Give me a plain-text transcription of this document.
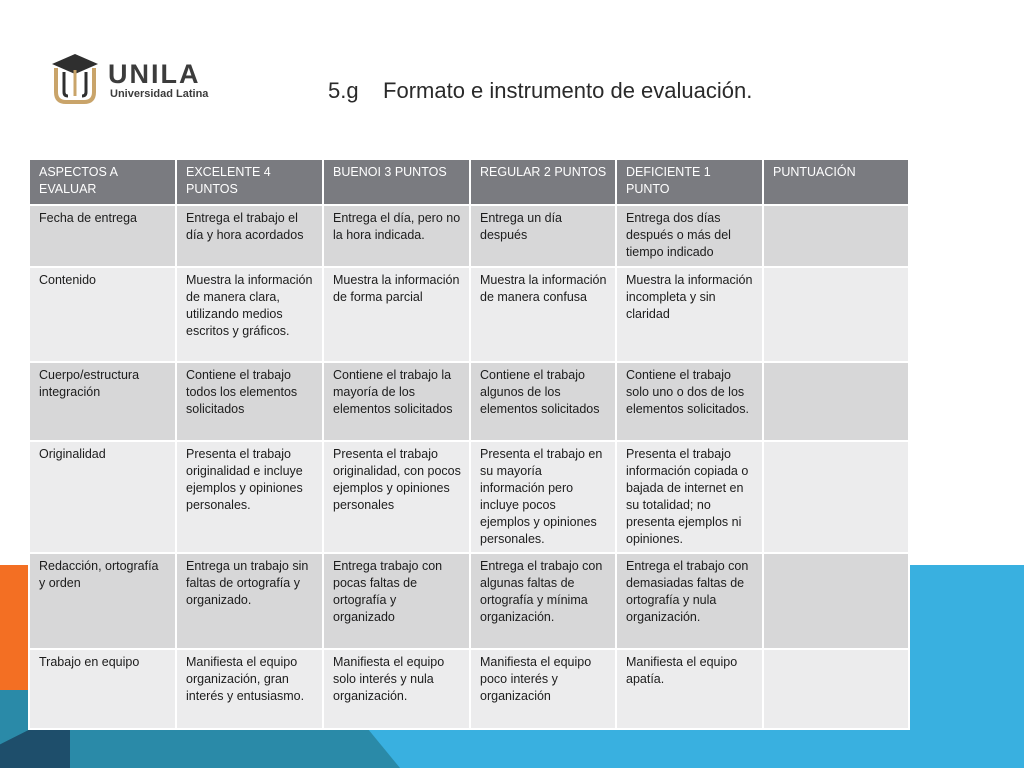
UNILA
Universidad Latina	5.g    Formato e instrumento de evaluación.
ASPECTOS A EVALUAR	EXCELENTE 4 PUNTOS	BUENOI 3 PUNTOS	REGULAR 2 PUNTOS	DEFICIENTE 1 PUNTO	PUNTUACIÓN
Fecha de entrega	Entrega el trabajo el día y hora acordados	Entrega el día, pero no la hora indicada.	Entrega un día después	Entrega dos días después o más del tiempo indicado	
Contenido	Muestra la información de manera clara, utilizando medios escritos y gráficos.	Muestra la información de forma parcial	Muestra la información de manera confusa	Muestra la información incompleta y sin claridad	
Cuerpo/estructura integración	Contiene el trabajo todos los elementos solicitados	Contiene el trabajo la mayoría de los elementos solicitados	Contiene el trabajo algunos de los elementos solicitados	Contiene el trabajo solo uno o dos de los elementos solicitados.	
Originalidad	Presenta el trabajo originalidad e incluye ejemplos y opiniones personales.	Presenta el trabajo originalidad, con pocos ejemplos y opiniones personales	Presenta el trabajo en su mayoría información pero incluye pocos ejemplos y opiniones personales.	Presenta el trabajo información copiada o bajada de internet en su totalidad; no presenta ejemplos ni opiniones.	
Redacción, ortografía y orden	Entrega un trabajo sin faltas de ortografía y organizado.	Entrega trabajo con pocas faltas de ortografía y organizado	Entrega el trabajo con algunas faltas de ortografía y mínima organización.	Entrega el trabajo con demasiadas faltas de ortografía y nula organización.	
Trabajo en equipo	Manifiesta el equipo organización, gran interés y entusiasmo.	Manifiesta el equipo solo interés y nula organización.	Manifiesta el equipo poco interés y organización	Manifiesta el equipo apatía.	
